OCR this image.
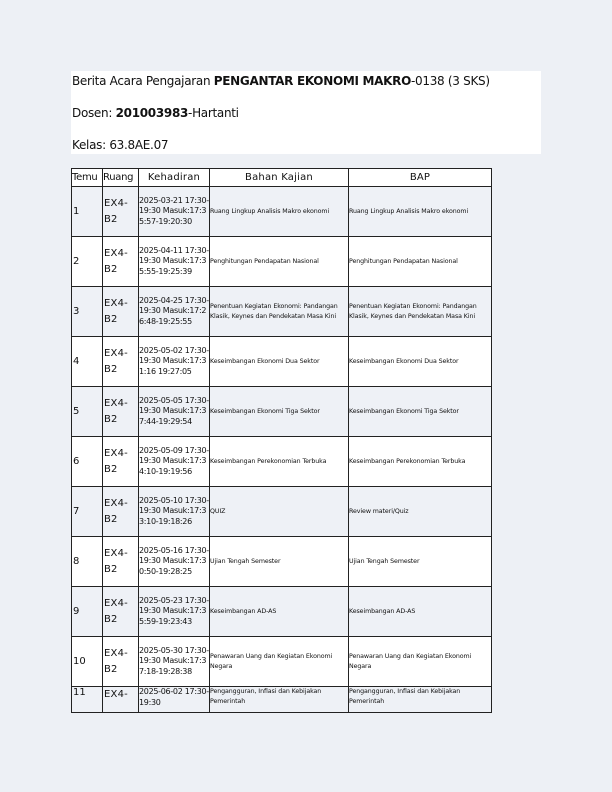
Berita Acara Pengajaran PENGANTAR EKONOMI MAKRO-0138 (3 SKS)
Dosen: 201003983-Hartanti
Kelas: 63.8AE.07
Temu	Ruang	Kehadiran	Bahan Kajian	BAP
1	EX4-B2	2025-03-21 17:30-19:30 Masuk:17:35:57-19:20:30	Ruang Lingkup Analisis Makro ekonomi	Ruang Lingkup Analisis Makro ekonomi
2	EX4-B2	2025-04-11 17:30-19:30 Masuk:17:35:55-19:25:39	Penghitungan Pendapatan Nasional	Penghitungan Pendapatan Nasional
3	EX4-B2	2025-04-25 17:30-19:30 Masuk:17:26:48-19:25:55	Penentuan Kegiatan Ekonomi: Pandangan Klasik, Keynes dan Pendekatan Masa Kini	Penentuan Kegiatan Ekonomi: Pandangan Klasik, Keynes dan Pendekatan Masa Kini
4	EX4-B2	2025-05-02 17:30-19:30 Masuk:17:31:16 19:27:05	Keseimbangan Ekonomi Dua Sektor	Keseimbangan Ekonomi Dua Sektor
5	EX4-B2	2025-05-05 17:30-19:30 Masuk:17:37:44-19:29:54	Keseimbangan Ekonomi Tiga Sektor	Keseimbangan Ekonomi Tiga Sektor
6	EX4-B2	2025-05-09 17:30-19:30 Masuk:17:34:10-19:19:56	Keseimbangan Perekonomian Terbuka	Keseimbangan Perekonomian Terbuka
7	EX4-B2	2025-05-10 17:30-19:30 Masuk:17:33:10-19:18:26	QUIZ	Review materi/Quiz
8	EX4-B2	2025-05-16 17:30-19:30 Masuk:17:30:50-19:28:25	Ujian Tengah Semester	Ujian Tengah Semester
9	EX4-B2	2025-05-23 17:30-19:30 Masuk:17:35:59-19:23:43	Keseimbangan AD-AS	Keseimbangan AD-AS
10	EX4-B2	2025-05-30 17:30-19:30 Masuk:17:37:18-19:28:38	Penawaran Uang dan Kegiatan Ekonomi Negara	Penawaran Uang dan Kegiatan Ekonomi Negara
11	EX4-	2025-06-02 17:30-19:30	Pengangguran, Inflasi dan Kebijakan Pemerintah	Pengangguran, Inflasi dan Kebijakan Pemerintah
